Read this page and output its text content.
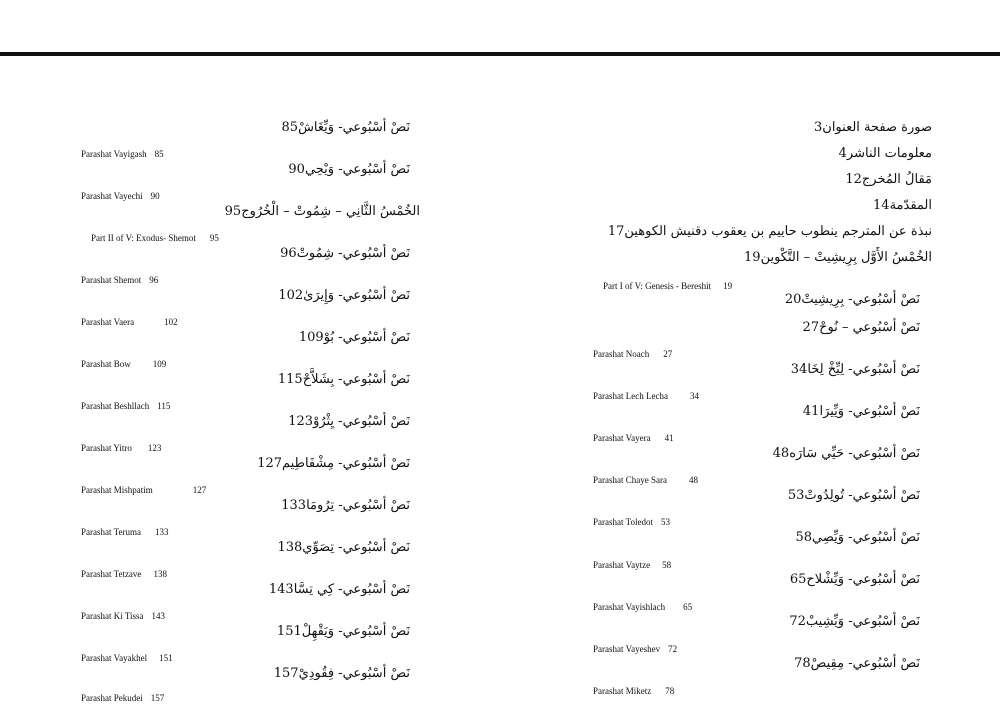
نَصْ أسْبُوعي- وَيِّغَاشْ85
نَصْ أسْبُوعي- وَيْحِي90
الخُمْسُ الثَّانِي – شِمُوتْ – الْخُرُوج95
نَصْ أسْبُوعي- شِمُوتْ96
نَصْ أسْبُوعي- وَإِيرَىٰ102
نَصْ أسْبُوعي- بُوْ109
نَصْ أسْبُوعي- بِشَلاَّحْ115
نَصْ أسْبُوعي- يِثْرُوْ123
نَصْ أسْبُوعي- مِشْفَاطِيم127
نَصْ أسْبُوعي- تِرُومَا133
نَصْ أسْبُوعي- تِصَوِّي138
نَصْ أسْبُوعي- كِي تِسَّا143
نَصْ أسْبُوعي- وَيَقْهِلْ151
نَصْ أسْبُوعي- فِقُودِيْ157
Parashat Vayigash 85
Parashat Vayechi 90
Part II of V: Exodus- Shemot 95
Parashat Shemot 96
Parashat Vaera	102
Parashat Bow 109
Parashat Beshllach 115
Parashat Yitro 123
Parashat Mishpatim	127
Parashat Teruma 133
Parashat Tetzave 138
Parashat Ki Tissa 143
Parashat Vayakhel 151
Parashat Pekudei 157
صورة صفحة العنوان3
معلومات الناشر4
مَقالُ المُخرج12
المقدّمة14
نبذة عن المترجم ينطوب حاييم بن يعقوب دقنيش الكوهين17
الخُمْسُ الأَوَّل بِرِيشِيتْ – التَّكْوين19
نَصْ أسْبُوعي- بِرِيشِيتْ20
نَصْ أسْبُوعي – نُوحْ27
نَصْ أسْبُوعي- لِيِّخْ لِخَا34
نَصْ أسْبُوعي- وَيِّيرَا41
نَصْ أسْبُوعي- حَيِّي سَارَه48
نَصْ أسْبُوعي- تُولِدُوتْ53
نَصْ أسْبُوعي- وَيِّصِي58
نَصْ أسْبُوعي- وَيِّشْلاح65
نَصْ أسْبُوعي- وَيِّشِيبْ72
نَصْ أسْبُوعي- مِقِيصْ78
Part I of V: Genesis - Bereshit 19
Parashat Noach 27
Parashat Lech Lecha 34
Parashat Vayera 41
Parashat Chaye Sara 48
Parashat Toledot 53
Parashat Vaytze 58
Parashat Vayishlach 65
Parashat Vayeshev 72
Parashat Miketz 78
